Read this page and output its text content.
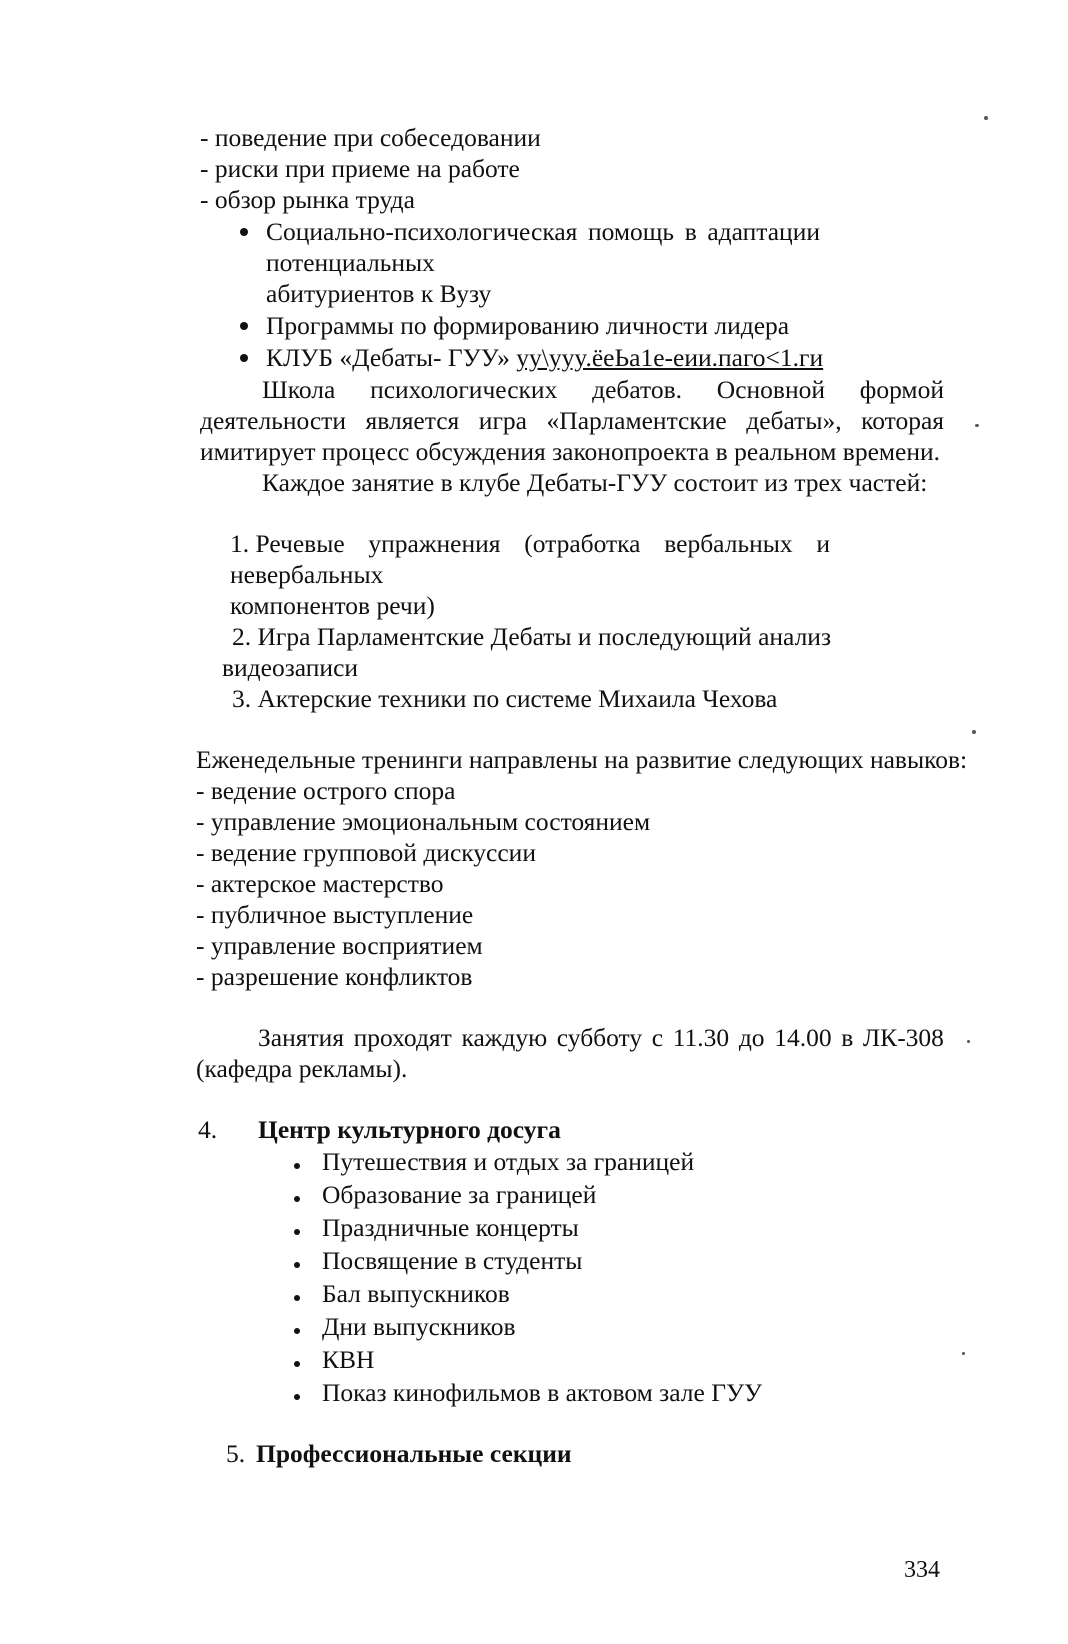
- поведение при собеседовании

- риски при приеме на работе

- обзор рынка труда

Социально-психологическая помощь в адаптации

потенциальных

абитуриентов к Вузу

Программы по формированию личности лидера

КЛУБ «Дебаты- ГУУ» yy\yyy.ёеЬа1е-еии.паго<1.ги

Школа психологических дебатов. Основной формой
деятельности является игра «Парламентские дебаты», которая

имитирует процесс обсуждения законопроекта в реальном времени.

Каждое занятие в клубе Дебаты-ГУУ состоит из трех частей:

1. Речевые упражнения (отработка вербальных и

невербальных

компонентов речи)

2. Игра Парламентские Дебаты и последующий анализ

видеозаписи

3. Актерские техники по системе Михаила Чехова

Еженедельные тренинги направлены на развитие следующих навыков:

- ведение острого спора

- управление эмоциональным состоянием

- ведение групповой дискуссии

- актерское мастерство

- публичное выступление

- управление восприятием

- разрешение конфликтов

Занятия проходят каждую субботу с 11.30 до 14.00 в ЛК-308

(кафедра рекламы).

4. Центр культурного досуга

Путешествия и отдых за границей

Образование за границей

Праздничные концерты

Посвящение в студенты

Бал выпускников

Дни выпускников

КВН

Показ кинофильмов в актовом зале ГУУ

5. Профессиональные секции

334
